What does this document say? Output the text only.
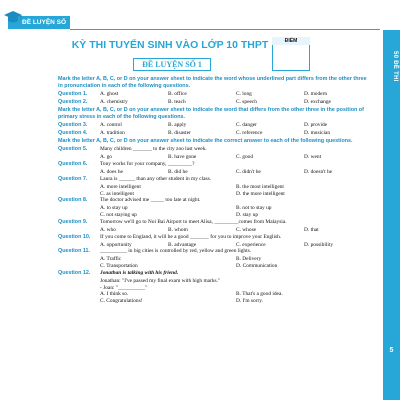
ĐỀ LUYỆN SỐ 1
50 ĐỀ THI
5
KỲ THI TUYỂN SINH VÀO LỚP 10 THPT
ĐỀ LUYỆN SỐ 1
ĐIỂM

Mark the letter A, B, C, or D on your answer sheet to indicate the word whose underlined part differs from the other three in pronunciation in each of the following questions.

Question 1.	A. ghost	B. office	C. long	D. modern
Question 2.	A. chemistry	B. teach	C. speech	D. exchange

Mark the letter A, B, C, or D on your answer sheet to indicate the word that differs from the other three in the position of primary stress in each of the following questions.

Question 3.	A. control	B. apply	C. danger	D. provide
Question 4.	A. tradition	B. disaster	C. reference	D. musician

Mark the letter A, B, C, or D on your answer sheet to indicate the correct answer to each of the following questions.

Question 5.	Many children _______ to the city zoo last week.

A. go	B. have gone	C. good	D. went
Question 6.	Tony works for your company, _________?

A. does he	B. did he	C. didn't he	D. doesn't he
Question 7.	Laura is ______ than any other student in my class.

A. more intelligent	B. the most intelligent
C. as intelligent	D. the more intelligent
Question 8.	The doctor advised me _____ too late at night.

A. to stay up	B. not to stay up
C. not staying up	D. stay up
Question 9.	Tomorrow we'll go to Noi Bai Airport to meet Alisa, _________comes from Malaysia.

A. who	B. whom	C. whose	D. that
Question 10.	If you come to England, it will be a good _______ for you to improve your English.

A. opportunity	B. advantage	C. experience	D. possibility
Question 11.	__________ in big cities is controlled by red, yellow and green lights.

A. Traffic	B. Delivery
C. Transportation	D. Communication
Question 12.	Jonathan is talking with his friend.

Jonathan: "I've passed my final exam with high marks."
- Joan: "__________"
A. I think so.	B. That's a good idea.
C. Congratulations!	D. I'm sorry.
